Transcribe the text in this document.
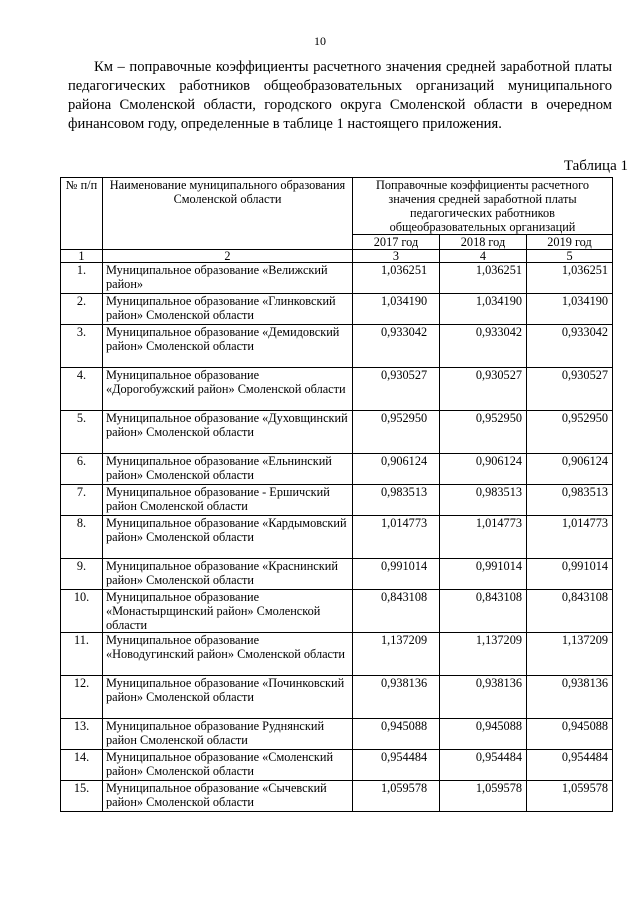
10
Км – поправочные коэффициенты расчетного значения средней заработной платы педагогических работников общеобразовательных организаций муниципального района Смоленской области, городского округа Смоленской области в очередном финансовом году, определенные в таблице 1 настоящего приложения.
Таблица 1
№ п/п	Наименование муниципального образования Смоленской области	Поправочные коэффициенты расчетного значения средней заработной платы педагогических работников общеобразовательных организаций		
		2017 год	2018 год	2019 год
1	2	3	4	5
1.	Муниципальное образование «Велижский район»	1,036251	1,036251	1,036251
2.	Муниципальное образование «Глинковский район» Смоленской области	1,034190	1,034190	1,034190
3.	Муниципальное образование «Демидовский район» Смоленской области	0,933042	0,933042	0,933042
4.	Муниципальное образование «Дорогобужский район» Смоленской области	0,930527	0,930527	0,930527
5.	Муниципальное образование «Духовщинский район» Смоленской области	0,952950	0,952950	0,952950
6.	Муниципальное образование «Ельнинский район» Смоленской области	0,906124	0,906124	0,906124
7.	Муниципальное образование - Ершичский район Смоленской области	0,983513	0,983513	0,983513
8.	Муниципальное образование «Кардымовский район» Смоленской области	1,014773	1,014773	1,014773
9.	Муниципальное образование «Краснинский район» Смоленской области	0,991014	0,991014	0,991014
10.	Муниципальное образование «Монастырщинский район» Смоленской области	0,843108	0,843108	0,843108
11.	Муниципальное образование «Новодугинский район» Смоленской области	1,137209	1,137209	1,137209
12.	Муниципальное образование «Починковский район» Смоленской области	0,938136	0,938136	0,938136
13.	Муниципальное образование Руднянский район Смоленской области	0,945088	0,945088	0,945088
14.	Муниципальное образование «Смоленский район» Смоленской области	0,954484	0,954484	0,954484
15.	Муниципальное образование «Сычевский район» Смоленской области	1,059578	1,059578	1,059578
